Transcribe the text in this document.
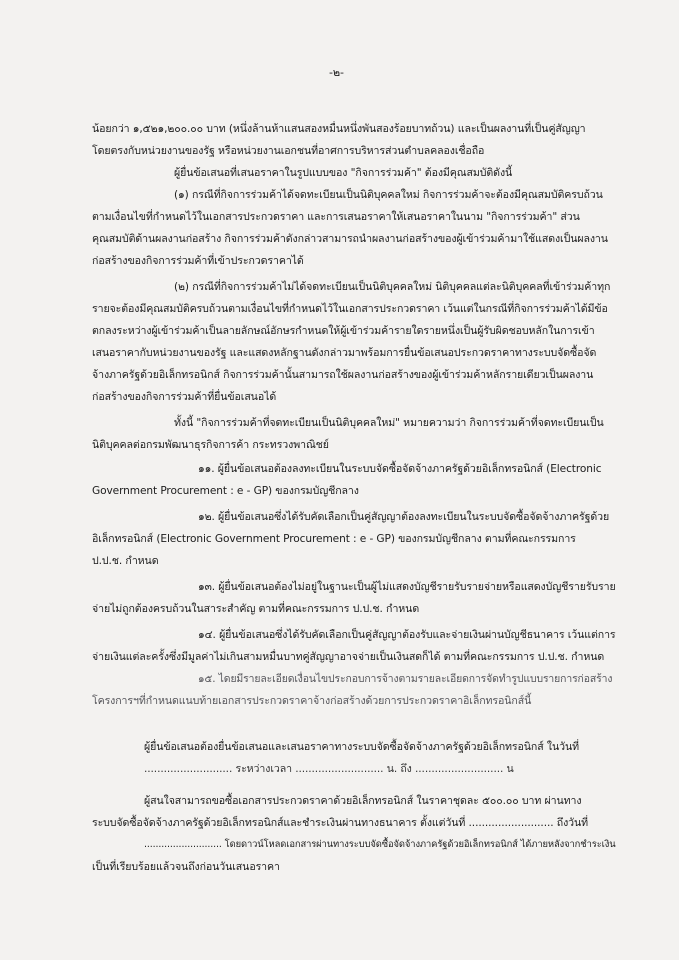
-๒-
น้อยกว่า ๑,๕๒๑,๒๐๐.๐๐ บาท (หนึ่งล้านห้าแสนสองหมื่นหนึ่งพันสองร้อยบาทถ้วน) และเป็นผลงานที่เป็นคู่สัญญา
โดยตรงกับหน่วยงานของรัฐ หรือหน่วยงานเอกชนที่อาศการบริหารส่วนตำบลคลองเชื่อถือ
ผู้ยื่นข้อเสนอที่เสนอราคาในรูปแบบของ "กิจการร่วมค้า" ต้องมีคุณสมบัติดังนี้
(๑) กรณีที่กิจการร่วมค้าได้จดทะเบียนเป็นนิติบุคคลใหม่ กิจการร่วมค้าจะต้องมีคุณสมบัติครบถ้วน
ตามเงื่อนไขที่กำหนดไว้ในเอกสารประกวดราคา และการเสนอราคาให้เสนอราคาในนาม "กิจการร่วมค้า" ส่วน
คุณสมบัติด้านผลงานก่อสร้าง กิจการร่วมค้าดังกล่าวสามารถนำผลงานก่อสร้างของผู้เข้าร่วมค้ามาใช้แสดงเป็นผลงาน
ก่อสร้างของกิจการร่วมค้าที่เข้าประกวดราคาได้
(๒) กรณีที่กิจการร่วมค้าไม่ได้จดทะเบียนเป็นนิติบุคคลใหม่ นิติบุคคลแต่ละนิติบุคคลที่เข้าร่วมค้าทุก
รายจะต้องมีคุณสมบัติครบถ้วนตามเงื่อนไขที่กำหนดไว้ในเอกสารประกวดราคา เว้นแต่ในกรณีที่กิจการร่วมค้าได้มีข้อ
ตกลงระหว่างผู้เข้าร่วมค้าเป็นลายลักษณ์อักษรกำหนดให้ผู้เข้าร่วมค้ารายใดรายหนึ่งเป็นผู้รับผิดชอบหลักในการเข้า
เสนอราคากับหน่วยงานของรัฐ และแสดงหลักฐานดังกล่าวมาพร้อมการยื่นข้อเสนอประกวดราคาทางระบบจัดซื้อจัด
จ้างภาครัฐด้วยอิเล็กทรอนิกส์ กิจการร่วมค้านั้นสามารถใช้ผลงานก่อสร้างของผู้เข้าร่วมค้าหลักรายเดียวเป็นผลงาน
ก่อสร้างของกิจการร่วมค้าที่ยื่นข้อเสนอได้
ทั้งนี้ "กิจการร่วมค้าที่จดทะเบียนเป็นนิติบุคคลใหม่" หมายความว่า กิจการร่วมค้าที่จดทะเบียนเป็น
นิติบุคคลต่อกรมพัฒนาธุรกิจการค้า กระทรวงพาณิชย์
๑๑. ผู้ยื่นข้อเสนอต้องลงทะเบียนในระบบจัดซื้อจัดจ้างภาครัฐด้วยอิเล็กทรอนิกส์ (Electronic
Government Procurement : e - GP) ของกรมบัญชีกลาง
๑๒. ผู้ยื่นข้อเสนอซึ่งได้รับคัดเลือกเป็นคู่สัญญาต้องลงทะเบียนในระบบจัดซื้อจัดจ้างภาครัฐด้วย
อิเล็กทรอนิกส์ (Electronic Government Procurement : e - GP) ของกรมบัญชีกลาง ตามที่คณะกรรมการ
ป.ป.ช. กำหนด
๑๓. ผู้ยื่นข้อเสนอต้องไม่อยู่ในฐานะเป็นผู้ไม่แสดงบัญชีรายรับรายจ่ายหรือแสดงบัญชีรายรับราย
จ่ายไม่ถูกต้องครบถ้วนในสาระสำคัญ ตามที่คณะกรรมการ ป.ป.ช. กำหนด
๑๔. ผู้ยื่นข้อเสนอซึ่งได้รับคัดเลือกเป็นคู่สัญญาต้องรับและจ่ายเงินผ่านบัญชีธนาคาร เว้นแต่การ
จ่ายเงินแต่ละครั้งซึ่งมีมูลค่าไม่เกินสามหมื่นบาทคู่สัญญาอาจจ่ายเป็นเงินสดก็ได้ ตามที่คณะกรรมการ ป.ป.ช. กำหนด
๑๕. ไดยมีรายละเอียดเงื่อนไขประกอบการจ้างตามรายละเอียดการจัดทำรูปแบบรายการก่อสร้าง
โครงการฯที่กำหนดแนบท้ายเอกสารประกวดราคาจ้างก่อสร้างด้วยการประกวดราคาอิเล็กทรอนิกส์นี้
ผู้ยื่นข้อเสนอต้องยื่นข้อเสนอและเสนอราคาทางระบบจัดซื้อจัดจ้างภาครัฐด้วยอิเล็กทรอนิกส์ ในวันที่
........................... ระหว่างเวลา ........................... น. ถึง ........................... น
ผู้สนใจสามารถขอซื้อเอกสารประกวดราคาด้วยอิเล็กทรอนิกส์ ในราคาชุดละ ๕๐๐.๐๐ บาท ผ่านทาง
ระบบจัดซื้อจัดจ้างภาครัฐด้วยอิเล็กทรอนิกส์และชำระเงินผ่านทางธนาคาร ตั้งแต่วันที่ .......................... ถึงวันที่
........................... โดยดาวน์โหลดเอกสารผ่านทางระบบจัดซื้อจัดจ้างภาครัฐด้วยอิเล็กทรอนิกส์ ได้ภายหลังจากชำระเงิน
เป็นที่เรียบร้อยแล้วจนถึงก่อนวันเสนอราคา
